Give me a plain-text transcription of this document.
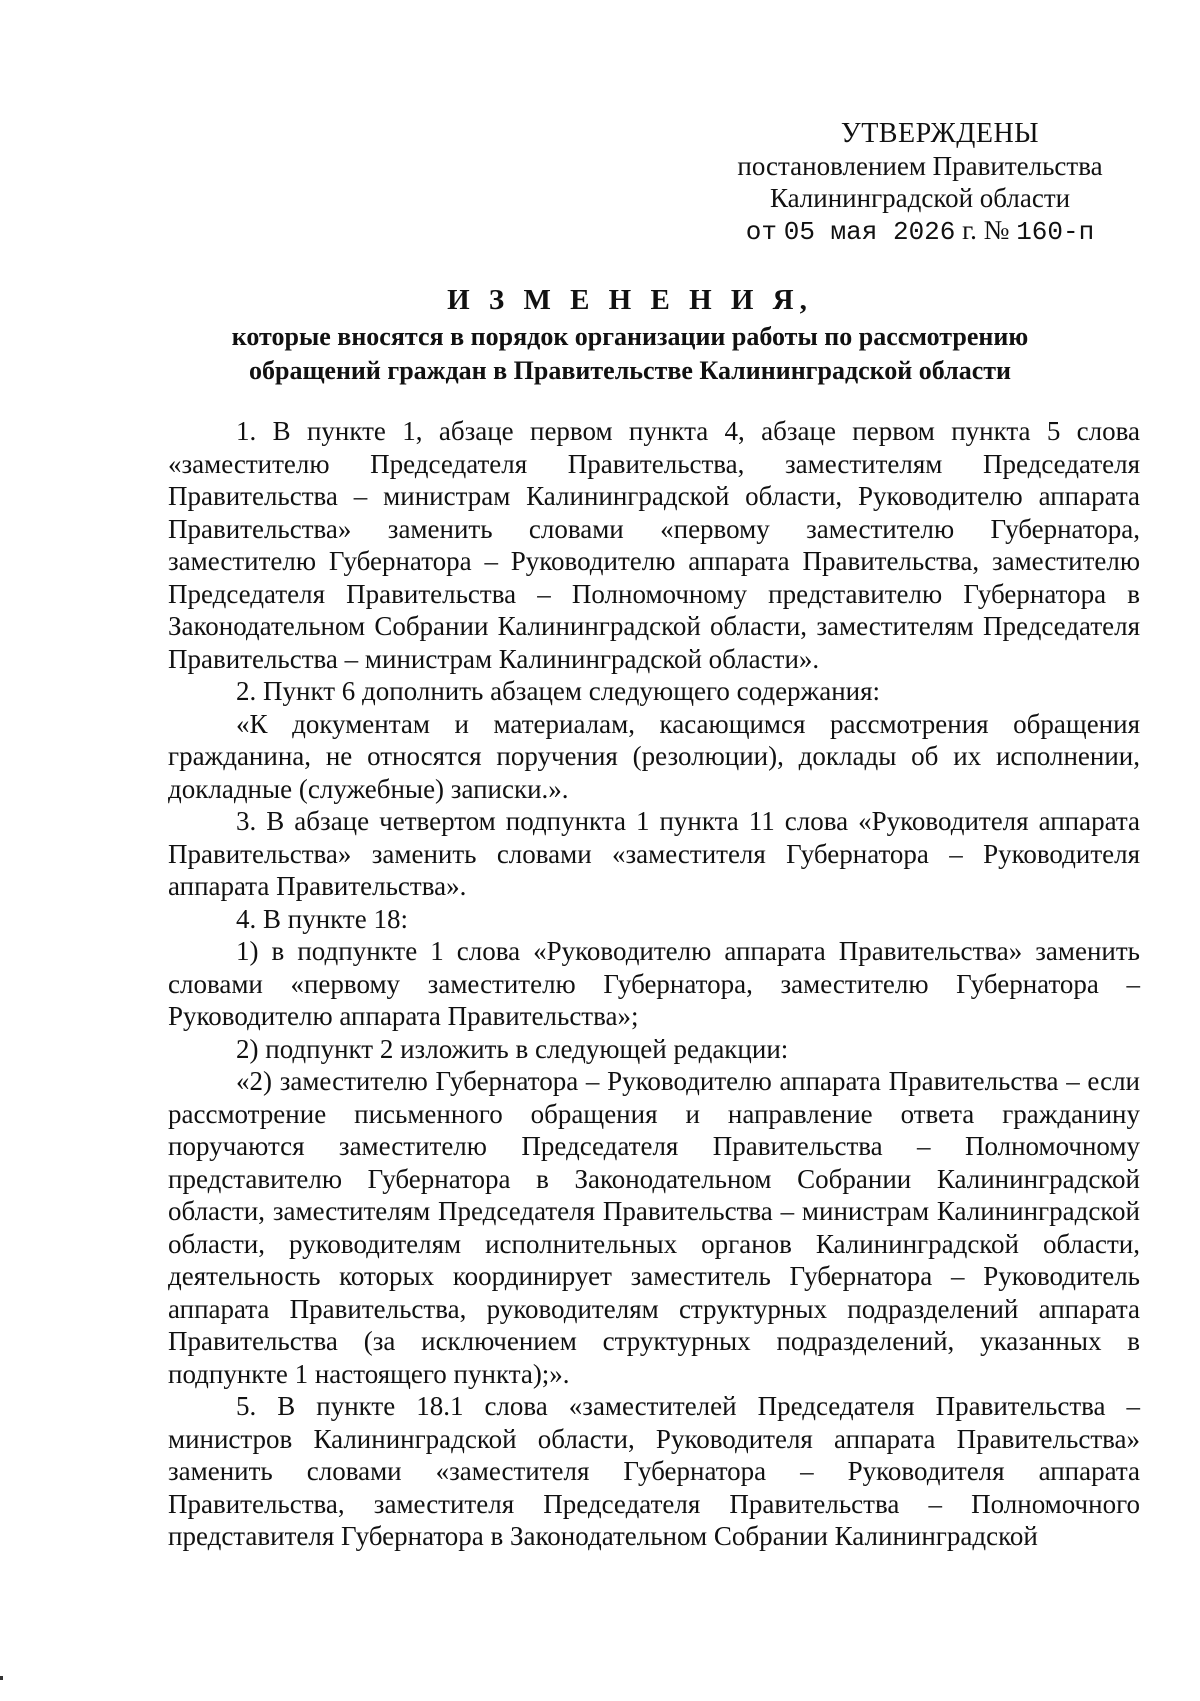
УТВЕРЖДЕНЫ
постановлением Правительства
Калининградской области
от 05 мая 2026 г. № 160-п
И З М Е Н Е Н И Я,
которые вносятся в порядок организации работы по рассмотрению
обращений граждан в Правительстве Калининградской области

1. В пункте 1, абзаце первом пункта 4, абзаце первом пункта 5 слова «заместителю Председателя Правительства, заместителям Председателя Правительства – министрам Калининградской области, Руководителю аппарата Правительства» заменить словами «первому заместителю Губернатора, заместителю Губернатора – Руководителю аппарата Правительства, заместителю Председателя Правительства – Полномочному представителю Губернатора в Законодательном Собрании Калининградской области, заместителям Председателя Правительства – министрам Калининградской области».

2. Пункт 6 дополнить абзацем следующего содержания:

«К документам и материалам, касающимся рассмотрения обращения гражданина, не относятся поручения (резолюции), доклады об их исполнении, докладные (служебные) записки.».

3. В абзаце четвертом подпункта 1 пункта 11 слова «Руководителя аппарата Правительства» заменить словами «заместителя Губернатора – Руководителя аппарата Правительства».

4. В пункте 18:

1) в подпункте 1 слова «Руководителю аппарата Правительства» заменить словами «первому заместителю Губернатора, заместителю Губернатора – Руководителю аппарата Правительства»;

2) подпункт 2 изложить в следующей редакции:

«2) заместителю Губернатора – Руководителю аппарата Правительства – если рассмотрение письменного обращения и направление ответа гражданину поручаются заместителю Председателя Правительства – Полномочному представителю Губернатора в Законодательном Собрании Калининградской области, заместителям Председателя Правительства – министрам Калининградской области, руководителям исполнительных органов Калининградской области, деятельность которых координирует заместитель Губернатора – Руководитель аппарата Правительства, руководителям структурных подразделений аппарата Правительства (за исключением структурных подразделений, указанных в подпункте 1 настоящего пункта);».

5. В пункте 18.1 слова «заместителей Председателя Правительства – министров Калининградской области, Руководителя аппарата Правительства» заменить словами «заместителя Губернатора – Руководителя аппарата Правительства, заместителя Председателя Правительства – Полномочного представителя Губернатора в Законодательном Собрании Калининградской
